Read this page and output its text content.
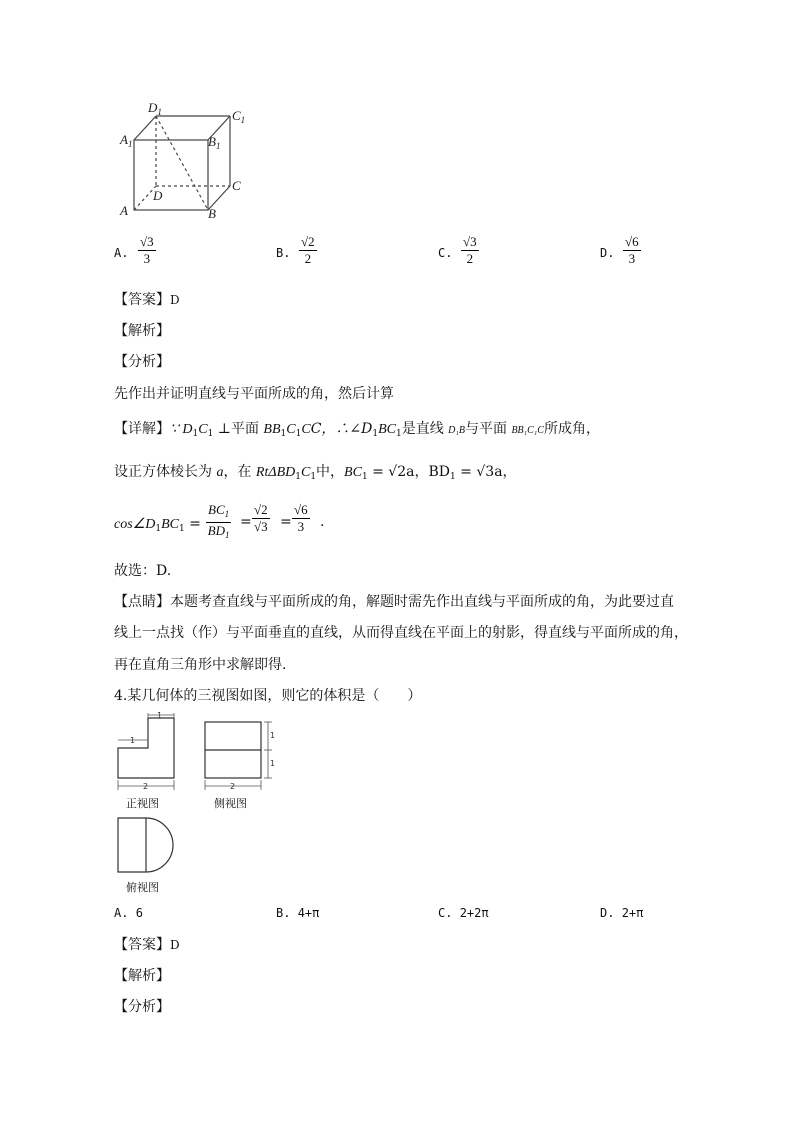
$D_1$	$C_1$
$A_1$	$B_1$
C
D
A	B
A. $\frac{√3}{3}$	B. $\frac{√2}{2}$	C. $\frac{√3}{2}$	D. $\frac{√6}{3}$
【答案】D
【解析】
【分析】
先作出并证明直线与平面所成的角，然后计算
【详解】∵ $D_1C_1$ ⊥平面 $BB_1C_1CC$，$\therefore\angle D_1BC_1$是直线 D₁B与平面 BB₁C₁C所成角，
设正方体棱长为 a，在 $Rt\Delta BD_1C_1$中，$BC_1 = √2a$，$BD_1 = √3a$，
$\cos\angle D_1BC_1 = \frac{BC_1}{BD_1} = \frac{√2}{√3} = \frac{√6}{3}$ .
故选：D.
【点睛】本题考查直线与平面所成的角，解题时需先作出直线与平面所成的角，为此要过直
线上一点找（作）与平面垂直的直线，从而得直线在平面上的射影，得直线与平面所成的角，
再在直角三角形中求解即得.
4.某几何体的三视图如图，则它的体积是（　　）
1
1
2
正视图
1
1
2
侧视图
俯视图
A. 6	B. 4+π	C. 2+2π	D. 2+π
【答案】D
【解析】
【分析】
